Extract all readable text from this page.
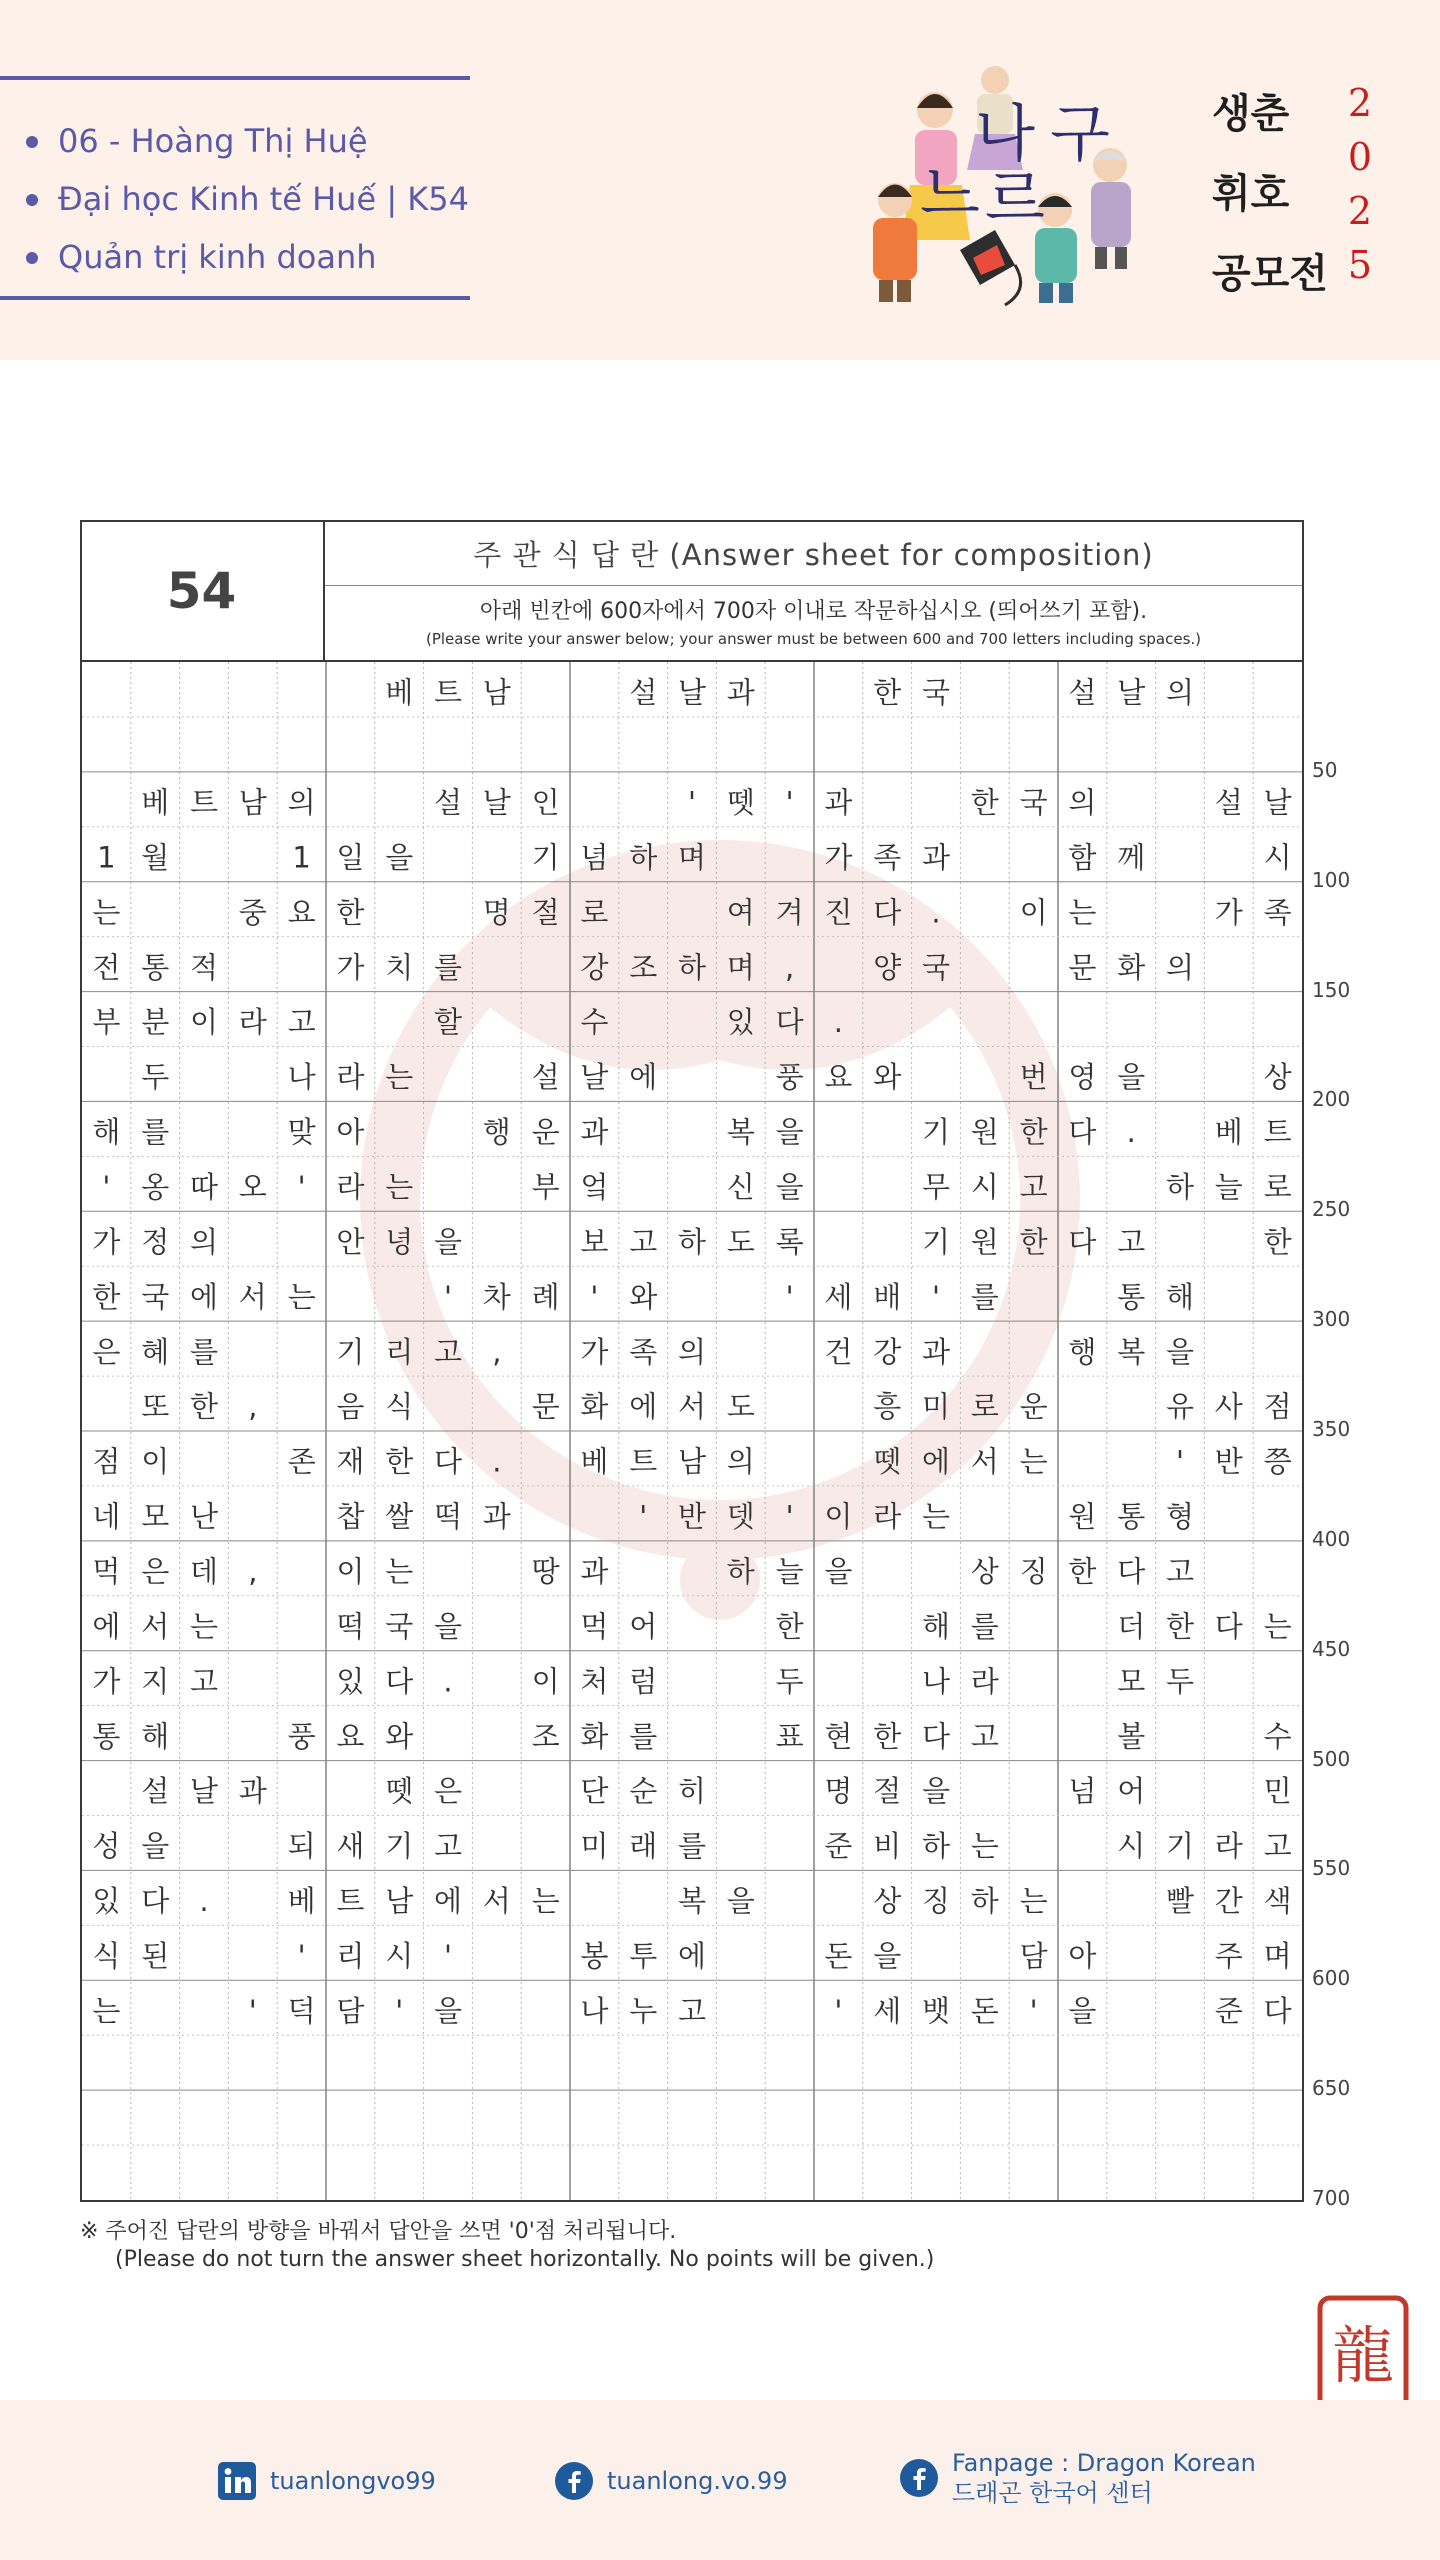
06 - Hoàng Thị Huệ
Đại học Kinh tế Huế | K54
Quản trị kinh doanh
나 구
느 르
생춘
휘호
공모전
2
0
2
5
54
주 관 식 답 란 (Answer sheet for composition)
아래 빈칸에 600자에서 700자 이내로 작문하십시오 (띄어쓰기 포함).
(Please write your answer below; your answer must be between 600 and 700 letters including spaces.)
베 트 남	설 날 과	한 국	설 날 의
베 트 남 의	설 날 인	' 뗏 ' 과	한 국 의	설 날
1 월	1 일 을	기 념 하 며	가 족 과	함 께	시
는	중 요 한	명 절 로	여 겨 진 다 .	이 는	가 족
전 통 적	가 치 를	강 조 하 며 ,	양 국	문 화 의
부 분 이 라 고	할	수	있 다 .
두	나 라 는	설 날 에	풍 요 와	번 영 을	상
해 를	맞 아	행 운 과	복 을	기 원 한 다 .	베 트
' 옹 따 오 ' 라 는	부 엌	신 을	무 시 고	하 늘 로
가 정 의	안 녕 을	보 고 하 도 록	기 원 한 다 고	한
한 국 에 서 는	' 차 례 ' 와	' 세 배 ' 를	통 해
은 혜 를	기 리 고 ,	가 족 의	건 강 과	행 복 을
또 한 ,	음 식	문 화 에 서 도	흥 미 로 운	유 사 점
점 이	존 재 한 다 .	베 트 남 의	뗏 에 서 는	' 반 쯩
네 모 난	찹 쌀 떡 과	' 반 뎃 ' 이 라 는	원 통 형
먹 은 데 ,	이 는	땅 과	하 늘 을	상 징 한 다 고
에 서 는	떡 국 을	먹 어	한	해 를	더 한 다 는
가 지 고	있 다 .	이 처 럼	두	나 라	모 두
통 해	풍 요 와	조 화 를	표 현 한 다 고	볼	수
설 날 과	뗏 은	단 순 히	명 절 을	넘 어	민
성 을	되 새 기 고	미 래 를	준 비 하 는	시 기 라 고
있 다 .	베 트 남 에 서 는	복 을	상 징 하 는	빨 간 색
식 된	' 리 시 '	봉 투 에	돈 을	담 아	주 며
는	' 덕 담 ' 을	나 누 고	' 세 뱃 돈 ' 을	준 다
50
100
150
200
250
300
350
400
450
500
550
600
650
700
※ 주어진 답란의 방향을 바꿔서 답안을 쓰면 '0'점 처리됩니다.
(Please do not turn the answer sheet horizontally. No points will be given.)
龍
tuanlongvo99	tuanlong.vo.99
Fanpage : Dragon Korean
드래곤 한국어 센터
